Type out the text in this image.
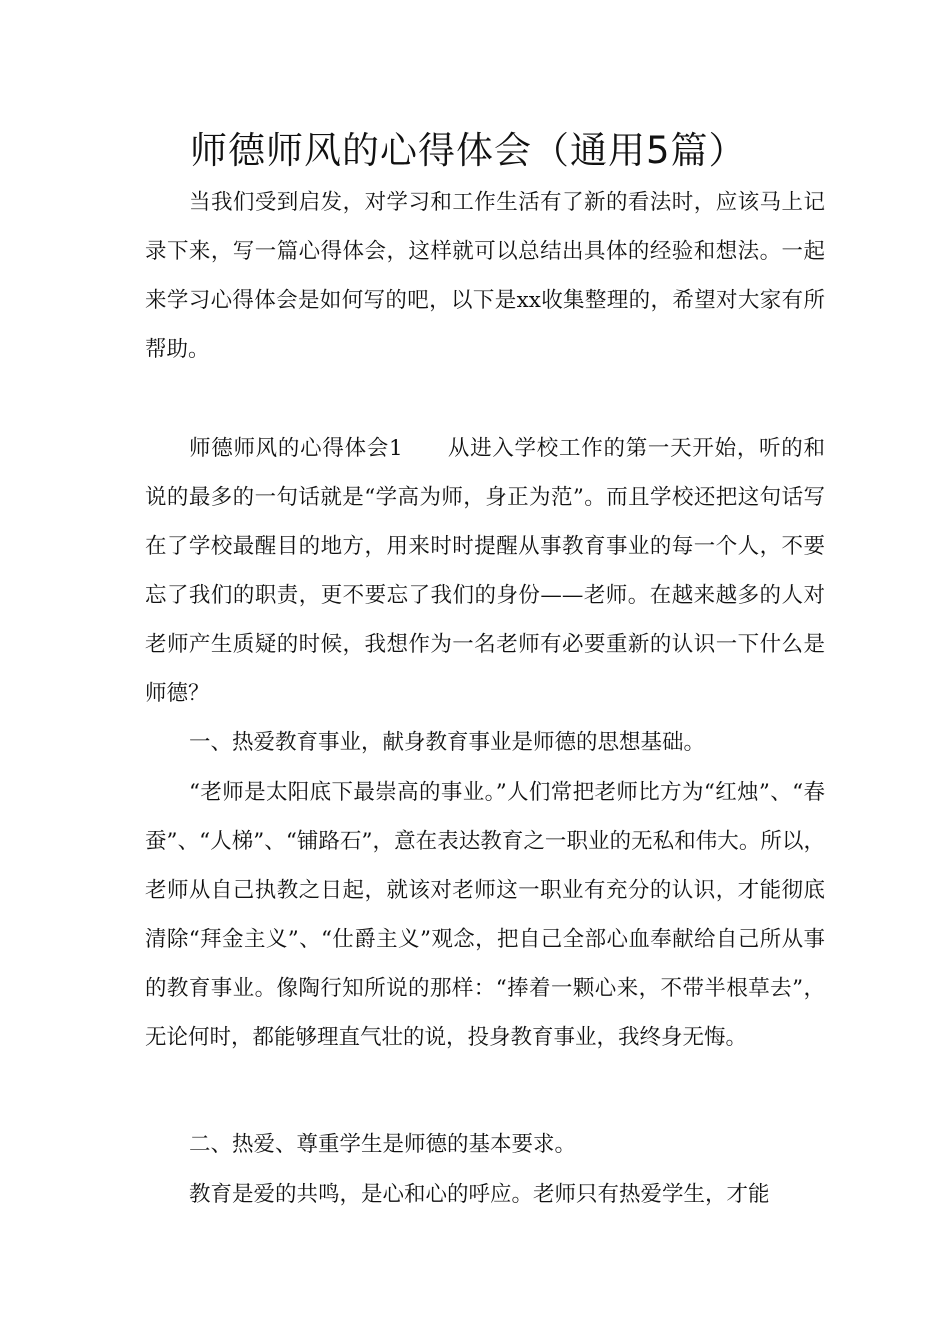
师德师风的心得体会（通用5篇）

当我们受到启发，对学习和工作生活有了新的看法时，应该马上记录下来，写一篇心得体会，这样就可以总结出具体的经验和想法。一起来学习心得体会是如何写的吧，以下是xx收集整理的，希望对大家有所帮助。

师德师风的心得体会1　　从进入学校工作的第一天开始，听的和说的最多的一句话就是“学高为师，身正为范”。而且学校还把这句话写在了学校最醒目的地方，用来时时提醒从事教育事业的每一个人，不要忘了我们的职责，更不要忘了我们的身份——老师。在越来越多的人对老师产生质疑的时候，我想作为一名老师有必要重新的认识一下什么是师德？

一、热爱教育事业，献身教育事业是师德的思想基础。

“老师是太阳底下最崇高的事业。”人们常把老师比方为“红烛”、“春蚕”、“人梯”、“铺路石”，意在表达教育之一职业的无私和伟大。所以，老师从自己执教之日起，就该对老师这一职业有充分的认识，才能彻底清除“拜金主义”、“仕爵主义”观念，把自己全部心血奉献给自己所从事的教育事业。像陶行知所说的那样：“捧着一颗心来，不带半根草去”，无论何时，都能够理直气壮的说，投身教育事业，我终身无悔。

二、热爱、尊重学生是师德的基本要求。

教育是爱的共鸣，是心和心的呼应。老师只有热爱学生，才能
